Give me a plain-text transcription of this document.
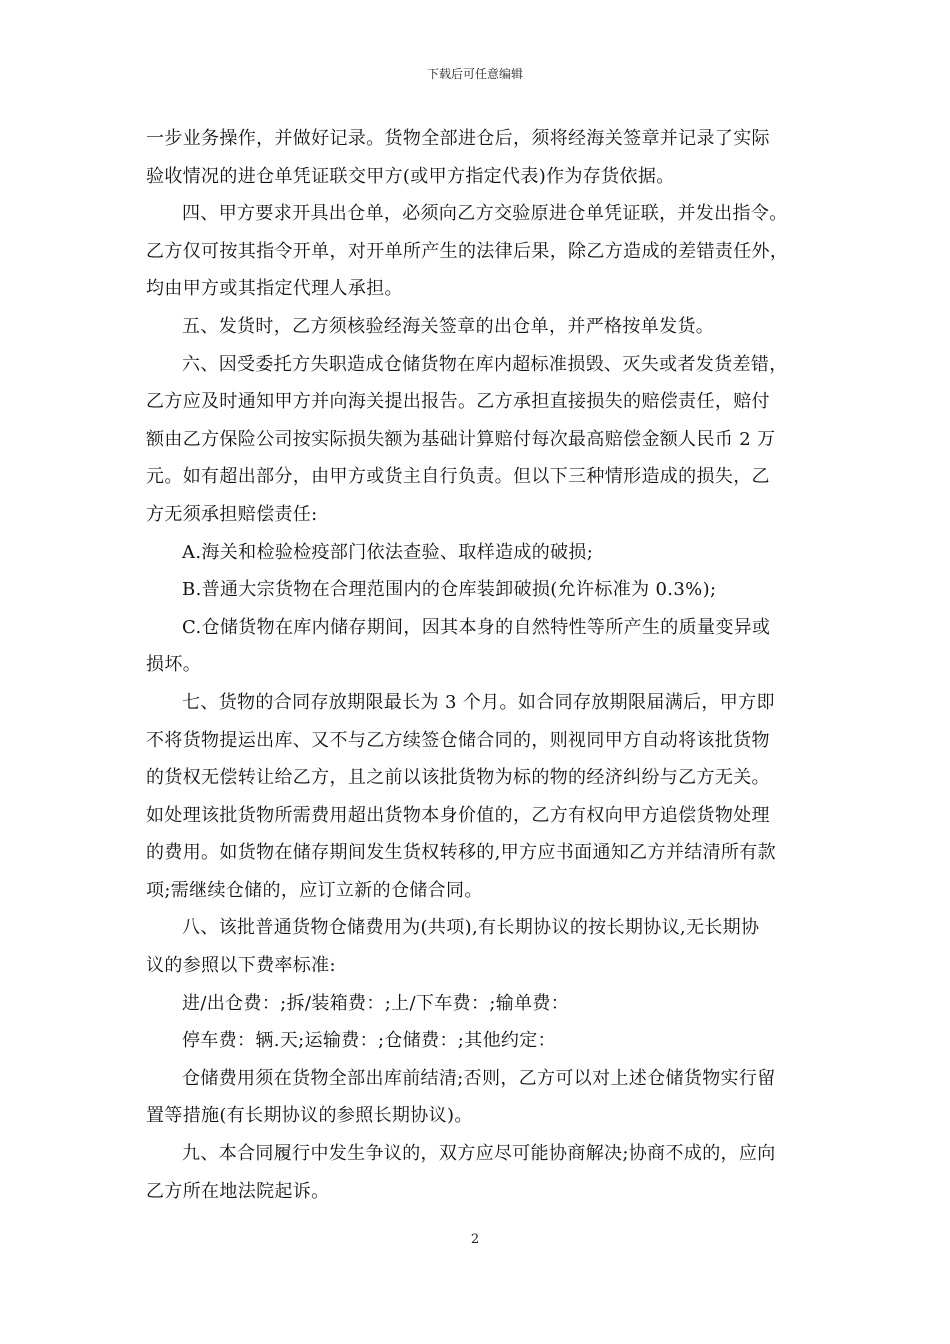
下载后可任意编辑
一步业务操作，并做好记录。货物全部进仓后，须将经海关签章并记录了实际
验收情况的进仓单凭证联交甲方(或甲方指定代表)作为存货依据。
四、甲方要求开具出仓单，必须向乙方交验原进仓单凭证联，并发出指令。
乙方仅可按其指令开单，对开单所产生的法律后果，除乙方造成的差错责任外，
均由甲方或其指定代理人承担。
五、发货时，乙方须核验经海关签章的出仓单，并严格按单发货。
六、因受委托方失职造成仓储货物在库内超标准损毁、灭失或者发货差错，
乙方应及时通知甲方并向海关提出报告。乙方承担直接损失的赔偿责任，赔付
额由乙方保险公司按实际损失额为基础计算赔付每次最高赔偿金额人民币 2 万
元。如有超出部分，由甲方或货主自行负责。但以下三种情形造成的损失，乙
方无须承担赔偿责任:
A.海关和检验检疫部门依法查验、取样造成的破损;
B.普通大宗货物在合理范围内的仓库装卸破损(允许标准为 0.3%);
C.仓储货物在库内储存期间，因其本身的自然特性等所产生的质量变异或
损坏。
七、货物的合同存放期限最长为 3 个月。如合同存放期限届满后，甲方即
不将货物提运出库、又不与乙方续签仓储合同的，则视同甲方自动将该批货物
的货权无偿转让给乙方，且之前以该批货物为标的物的经济纠纷与乙方无关。
如处理该批货物所需费用超出货物本身价值的，乙方有权向甲方追偿货物处理
的费用。如货物在储存期间发生货权转移的,甲方应书面通知乙方并结清所有款
项;需继续仓储的，应订立新的仓储合同。
八、该批普通货物仓储费用为(共项),有长期协议的按长期协议,无长期协
议的参照以下费率标准:
进/出仓费：;拆/装箱费：;上/下车费：;输单费：
停车费：辆.天;运输费：;仓储费：;其他约定：
仓储费用须在货物全部出库前结清;否则，乙方可以对上述仓储货物实行留
置等措施(有长期协议的参照长期协议)。
九、本合同履行中发生争议的，双方应尽可能协商解决;协商不成的，应向
乙方所在地法院起诉。
2
